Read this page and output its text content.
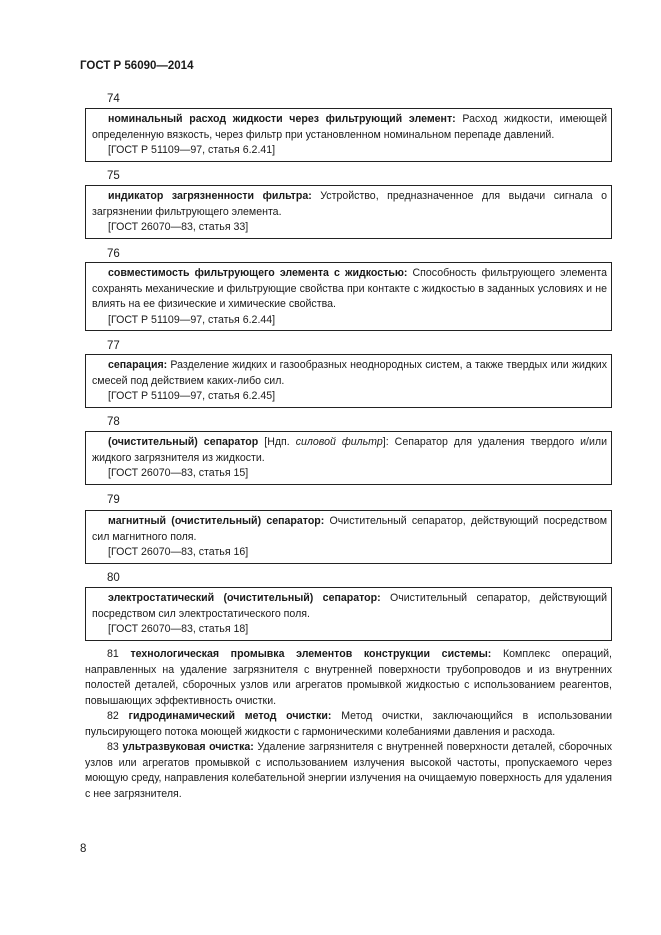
ГОСТ Р 56090—2014
74

номинальный расход жидкости через фильтрующий элемент: Расход жидкости, имеющей определенную вязкость, через фильтр при установленном номинальном перепаде давлений.

[ГОСТ Р 51109—97, статья 6.2.41]

75

индикатор загрязненности фильтра: Устройство, предназначенное для выдачи сигнала о загрязнении фильтрующего элемента.

[ГОСТ 26070—83, статья 33]

76

совместимость фильтрующего элемента с жидкостью: Способность фильтрующего элемента сохранять механические и фильтрующие свойства при контакте с жидкостью в заданных условиях и не влиять на ее физические и химические свойства.

[ГОСТ Р 51109—97, статья 6.2.44]

77

сепарация: Разделение жидких и газообразных неоднородных систем, а также твердых или жидких смесей под действием каких-либо сил.

[ГОСТ Р 51109—97, статья 6.2.45]

78

(очистительный) сепаратор [Ндп. силовой фильтр]: Сепаратор для удаления твердого и/или жидкого загрязнителя из жидкости.

[ГОСТ 26070—83, статья 15]

79

магнитный (очистительный) сепаратор: Очистительный сепаратор, действующий посредством сил магнитного поля.

[ГОСТ 26070—83, статья 16]

80

электростатический (очистительный) сепаратор: Очистительный сепаратор, действующий посредством сил электростатического поля.

[ГОСТ 26070—83, статья 18]

81 технологическая промывка элементов конструкции системы: Комплекс операций, направленных на удаление загрязнителя с внутренней поверхности трубопроводов и из внутренних полостей деталей, сборочных узлов или агрегатов промывкой жидкостью с использованием реагентов, повышающих эффективность очистки.

82 гидродинамический метод очистки: Метод очистки, заключающийся в использовании пульсирующего потока моющей жидкости с гармоническими колебаниями давления и расхода.

83 ультразвуковая очистка: Удаление загрязнителя с внутренней поверхности деталей, сборочных узлов или агрегатов промывкой с использованием излучения высокой частоты, пропускаемого через моющую среду, направления колебательной энергии излучения на очищаемую поверхность для удаления с нее загрязнителя.

8
